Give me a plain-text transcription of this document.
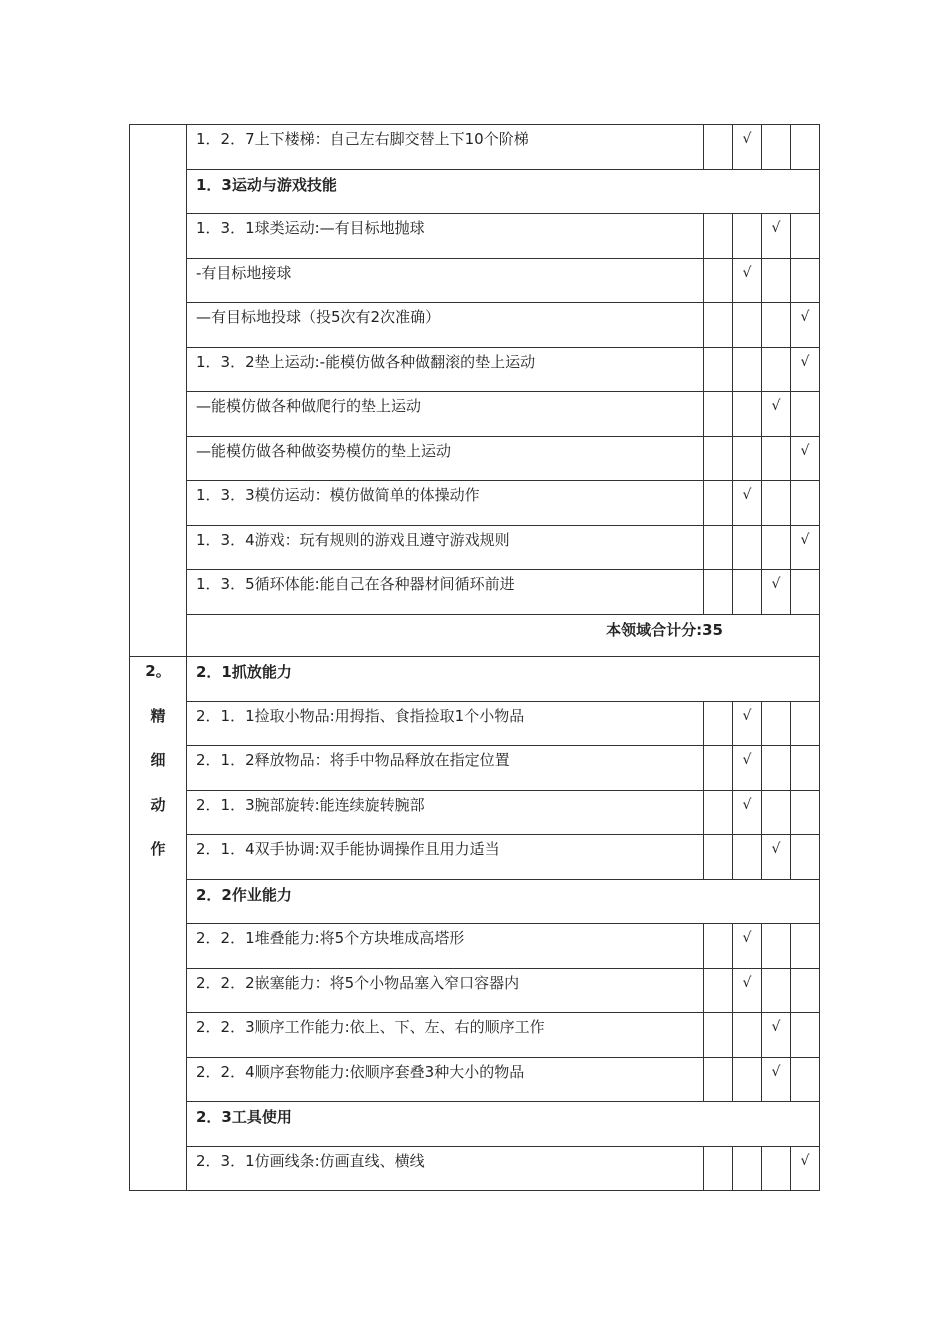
	1．2．7上下楼梯：自己左右脚交替上下10个阶梯		√		
	1．3运动与游戏技能				
	1．3．1球类运动:—有目标地抛球			√	
	-有目标地接球		√		
	—有目标地投球（投5次有2次准确）				√
	1．3．2垫上运动:-能模仿做各种做翻滚的垫上运动				√
	—能模仿做各种做爬行的垫上运动			√	
	—能模仿做各种做姿势模仿的垫上运动				√
	1．3．3模仿运动：模仿做简单的体操动作		√		
	1．3．4游戏：玩有规则的游戏且遵守游戏规则				√
	1．3．5循环体能:能自己在各种器材间循环前进			√	
	本领域合计分:35				

2。
精
细
动
作	2．1抓放能力				
	2．1．1捡取小物品:用拇指、食指捡取1个小物品		√		
	2．1．2释放物品：将手中物品释放在指定位置		√		
	2．1．3腕部旋转:能连续旋转腕部		√		
	2．1．4双手协调:双手能协调操作且用力适当			√	
	2．2作业能力				
	2．2．1堆叠能力:将5个方块堆成高塔形		√		
	2．2．2嵌塞能力：将5个小物品塞入窄口容器内		√		
	2．2．3顺序工作能力:依上、下、左、右的顺序工作			√	
	2．2．4顺序套物能力:依顺序套叠3种大小的物品			√	
	2．3工具使用				
	2．3．1仿画线条:仿画直线、横线				√
